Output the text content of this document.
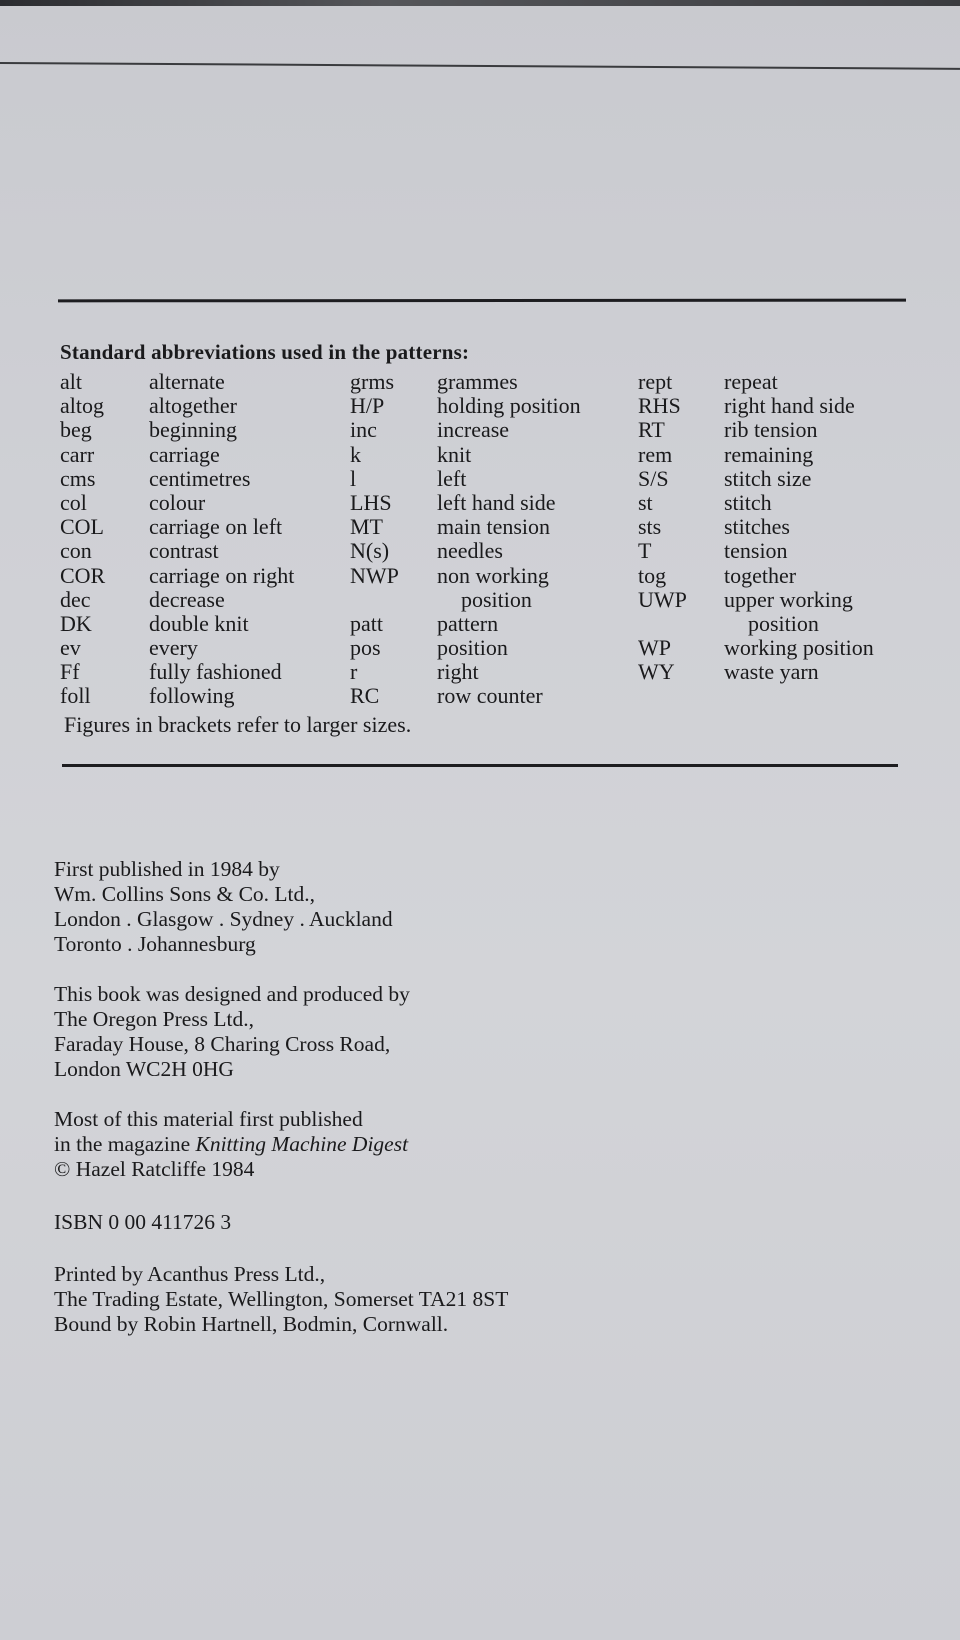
Standard abbreviations used in the patterns:
alt	alternate
altog	altogether
beg	beginning
carr	carriage
cms	centimetres
col	colour
COL	carriage on left
con	contrast
COR	carriage on right
dec	decrease
DK	double knit
ev	every
Ff	fully fashioned
foll	following
grms	grammes
H/P	holding position
inc	increase
k	knit
l	left
LHS	left hand side
MT	main tension
N(s)	needles
NWP	non working
position
patt	pattern
pos	position
r	right
RC	row counter
rept	repeat
RHS	right hand side
RT	rib tension
rem	remaining
S/S	stitch size
st	stitch
sts	stitches
T	tension
tog	together
UWP	upper working
position
WP	working position
WY	waste yarn
Figures in brackets refer to larger sizes.
First published in 1984 by
Wm. Collins Sons & Co. Ltd.,
London . Glasgow . Sydney . Auckland
Toronto . Johannesburg
This book was designed and produced by
The Oregon Press Ltd.,
Faraday House, 8 Charing Cross Road,
London WC2H 0HG
Most of this material first published
in the magazine Knitting Machine Digest
© Hazel Ratcliffe 1984
ISBN 0 00 411726 3
Printed by Acanthus Press Ltd.,
The Trading Estate, Wellington, Somerset TA21 8ST
Bound by Robin Hartnell, Bodmin, Cornwall.
